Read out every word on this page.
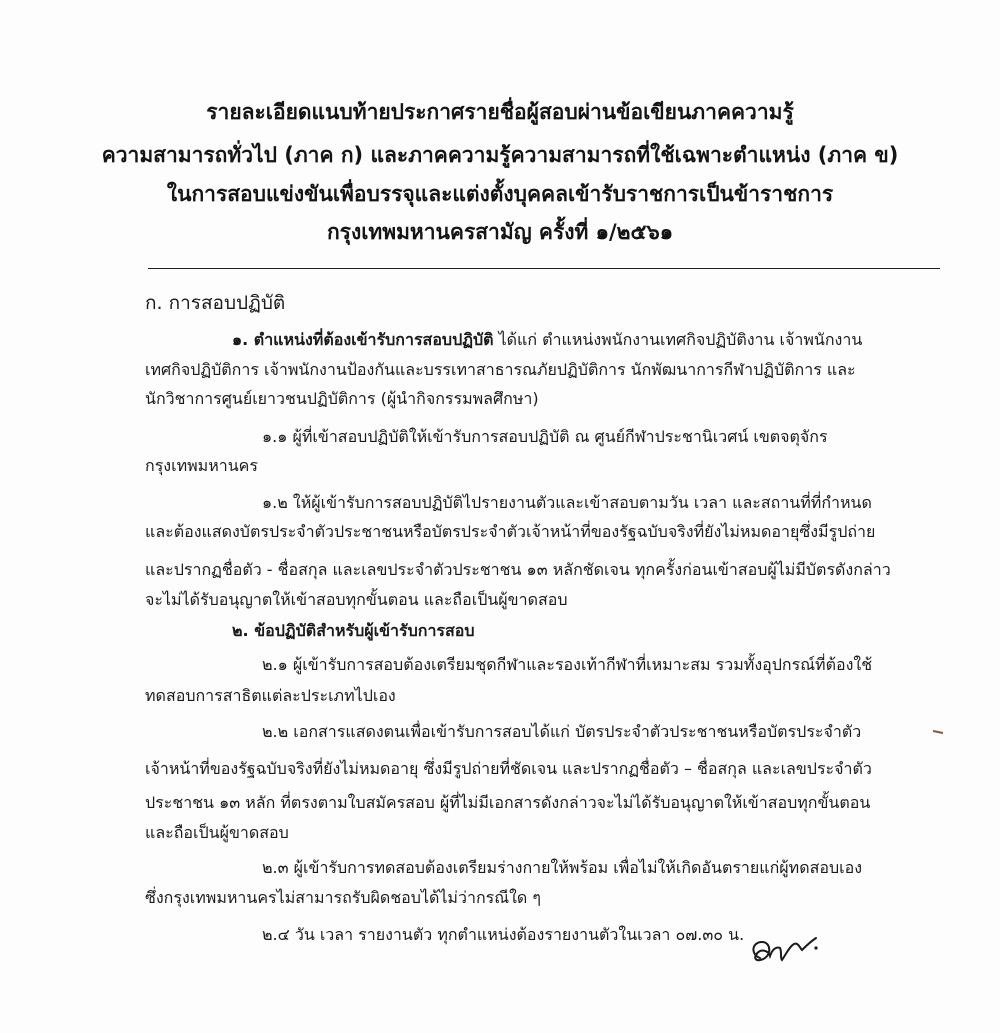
รายละเอียดแนบท้ายประกาศรายชื่อผู้สอบผ่านข้อเขียนภาคความรู้
ความสามารถทั่วไป (ภาค ก) และภาคความรู้ความสามารถที่ใช้เฉพาะตำแหน่ง (ภาค ข)
ในการสอบแข่งขันเพื่อบรรจุและแต่งตั้งบุคคลเข้ารับราชการเป็นข้าราชการ
กรุงเทพมหานครสามัญ ครั้งที่ ๑/๒๕๖๑
ก. การสอบปฏิบัติ
๑. ตำแหน่งที่ต้องเข้ารับการสอบปฏิบัติ ได้แก่ ตำแหน่งพนักงานเทศกิจปฏิบัติงาน เจ้าพนักงาน
เทศกิจปฏิบัติการ เจ้าพนักงานป้องกันและบรรเทาสาธารณภัยปฏิบัติการ นักพัฒนาการกีฬาปฏิบัติการ และ
นักวิชาการศูนย์เยาวชนปฏิบัติการ (ผู้นำกิจกรรมพลศึกษา)
๑.๑ ผู้ที่เข้าสอบปฏิบัติให้เข้ารับการสอบปฏิบัติ ณ ศูนย์กีฬาประชานิเวศน์ เขตจตุจักร
กรุงเทพมหานคร
๑.๒ ให้ผู้เข้ารับการสอบปฏิบัติไปรายงานตัวและเข้าสอบตามวัน เวลา และสถานที่ที่กำหนด
และต้องแสดงบัตรประจำตัวประชาชนหรือบัตรประจำตัวเจ้าหน้าที่ของรัฐฉบับจริงที่ยังไม่หมดอายุซึ่งมีรูปถ่าย
และปรากฏชื่อตัว - ชื่อสกุล และเลขประจำตัวประชาชน ๑๓ หลักชัดเจน ทุกครั้งก่อนเข้าสอบผู้ไม่มีบัตรดังกล่าว
จะไม่ได้รับอนุญาตให้เข้าสอบทุกขั้นตอน และถือเป็นผู้ขาดสอบ
๒. ข้อปฏิบัติสำหรับผู้เข้ารับการสอบ
๒.๑ ผู้เข้ารับการสอบต้องเตรียมชุดกีฬาและรองเท้ากีฬาที่เหมาะสม รวมทั้งอุปกรณ์ที่ต้องใช้
ทดสอบการสาธิตแต่ละประเภทไปเอง
๒.๒ เอกสารแสดงตนเพื่อเข้ารับการสอบได้แก่ บัตรประจำตัวประชาชนหรือบัตรประจำตัว
เจ้าหน้าที่ของรัฐฉบับจริงที่ยังไม่หมดอายุ ซึ่งมีรูปถ่ายที่ชัดเจน และปรากฏชื่อตัว – ชื่อสกุล และเลขประจำตัว
ประชาชน ๑๓ หลัก ที่ตรงตามใบสมัครสอบ ผู้ที่ไม่มีเอกสารดังกล่าวจะไม่ได้รับอนุญาตให้เข้าสอบทุกขั้นตอน
และถือเป็นผู้ขาดสอบ
๒.๓ ผู้เข้ารับการทดสอบต้องเตรียมร่างกายให้พร้อม เพื่อไม่ให้เกิดอันตรายแก่ผู้ทดสอบเอง
ซึ่งกรุงเทพมหานครไม่สามารถรับผิดชอบได้ไม่ว่ากรณีใด ๆ
๒.๔ วัน เวลา รายงานตัว ทุกตำแหน่งต้องรายงานตัวในเวลา ๐๗.๓๐ น.
